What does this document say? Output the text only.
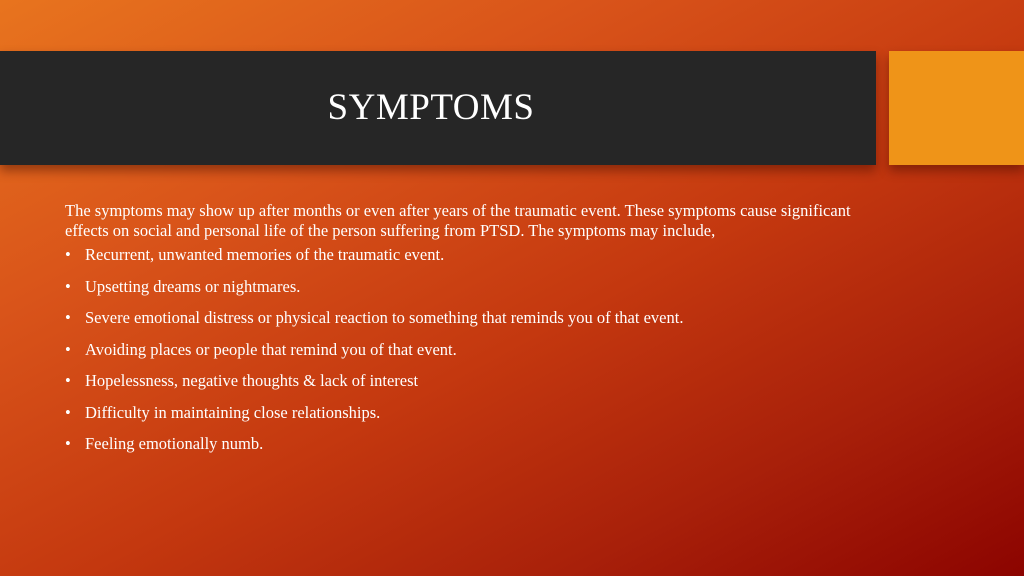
SYMPTOMS

The symptoms may show up after months or even after years of the traumatic event. These symptoms cause significant effects on social and personal life of the person suffering from PTSD. The symptoms may include,

• Recurrent, unwanted memories of the traumatic event.
• Upsetting dreams or nightmares.
• Severe emotional distress or physical reaction to something that reminds you of that event.
• Avoiding places or people that remind you of that event.
• Hopelessness, negative thoughts & lack of interest
• Difficulty in maintaining close relationships.
• Feeling emotionally numb.
